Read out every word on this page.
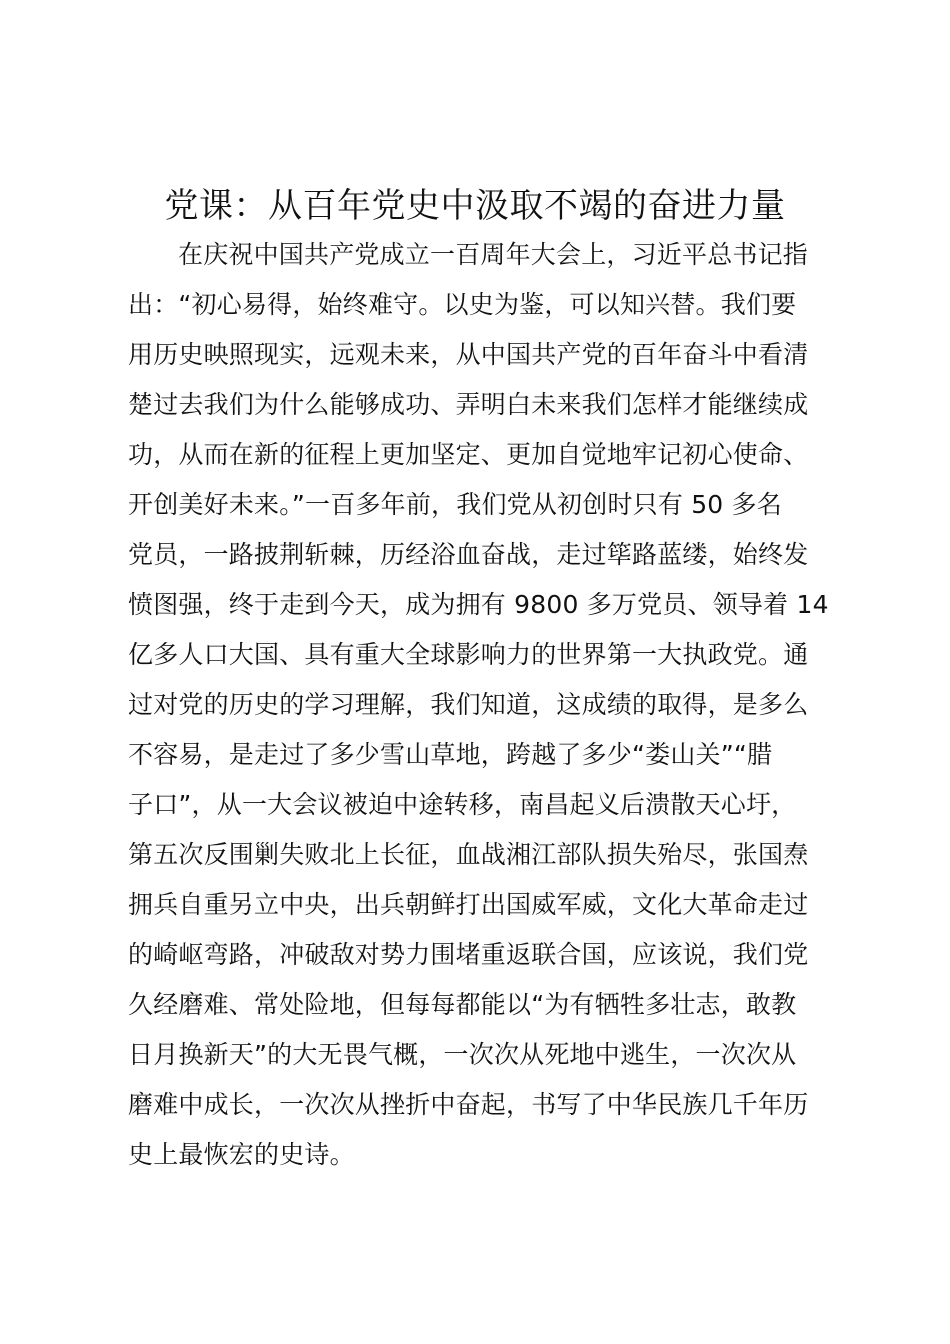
党课：从百年党史中汲取不竭的奋进力量
在庆祝中国共产党成立一百周年大会上，习近平总书记指
出：“初心易得，始终难守。以史为鉴，可以知兴替。我们要
用历史映照现实，远观未来，从中国共产党的百年奋斗中看清
楚过去我们为什么能够成功、弄明白未来我们怎样才能继续成
功，从而在新的征程上更加坚定、更加自觉地牢记初心使命、
开创美好未来。”一百多年前，我们党从初创时只有 50 多名
党员，一路披荆斩棘，历经浴血奋战，走过筚路蓝缕，始终发
愤图强，终于走到今天，成为拥有 9800 多万党员、领导着 14
亿多人口大国、具有重大全球影响力的世界第一大执政党。通
过对党的历史的学习理解，我们知道，这成绩的取得，是多么
不容易，是走过了多少雪山草地，跨越了多少“娄山关”“腊
子口”，从一大会议被迫中途转移，南昌起义后溃散天心圩，
第五次反围剿失败北上长征，血战湘江部队损失殆尽，张国焘
拥兵自重另立中央，出兵朝鲜打出国威军威，文化大革命走过
的崎岖弯路，冲破敌对势力围堵重返联合国，应该说，我们党
久经磨难、常处险地，但每每都能以“为有牺牲多壮志，敢教
日月换新天”的大无畏气概，一次次从死地中逃生，一次次从
磨难中成长，一次次从挫折中奋起，书写了中华民族几千年历
史上最恢宏的史诗。
